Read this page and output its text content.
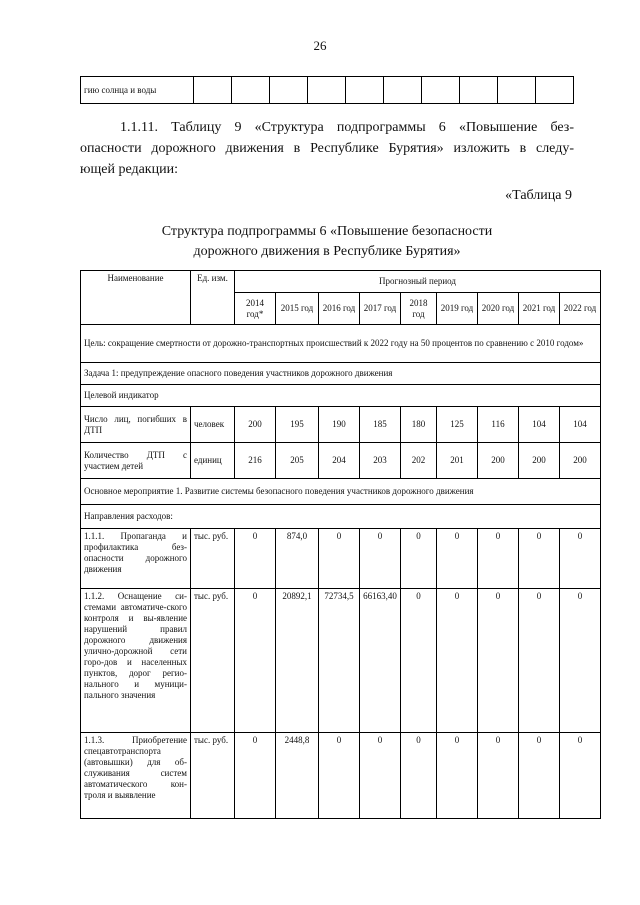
26
гию солнца и воды										
1.1.11. Таблицу 9 «Структура подпрограммы 6 «Повышение без-
опасности дорожного движения в Республике Бурятия» изложить в следу-
ющей редакции:
«Таблица 9
Структура подпрограммы 6 «Повышение безопасности
дорожного движения в Республике Бурятия»
Наименование	Ед. изм.	Прогнозный период								
		2014 год*	2015 год	2016 год	2017 год	2018 год	2019 год	2020 год	2021 год	2022 год
Цель: сокращение смертности от дорожно-транспортных происшествий к 2022 году на 50 процентов по сравнению с 2010 годом»										
Задача 1: предупреждение опасного поведения участников дорожного движения										
Целевой индикатор										
Число лиц, погибших в ДТП	человек	200	195	190	185	180	125	116	104	104
Количество ДТП с участием детей	единиц	216	205	204	203	202	201	200	200	200
Основное мероприятие 1. Развитие системы безопасного поведения участников дорожного движения										
Направления расходов:										
1.1.1. Пропаганда и профилактика без-опасности дорожного движения	тыс. руб.	0	874,0	0	0	0	0	0	0	0
1.1.2. Оснащение си-стемами автоматиче-ского контроля и вы-явление нарушений правил дорожного движения улично-дорожной сети горо-дов и населенных пунктов, дорог регио-нального и муници-пального значения	тыс. руб.	0	20892,1	72734,5	66163,40	0	0	0	0	0
1.1.3. Приобретение спецавтотранспорта (автовышки) для об-служивания систем автоматического кон-троля и выявление	тыс. руб.	0	2448,8	0	0	0	0	0	0	0
